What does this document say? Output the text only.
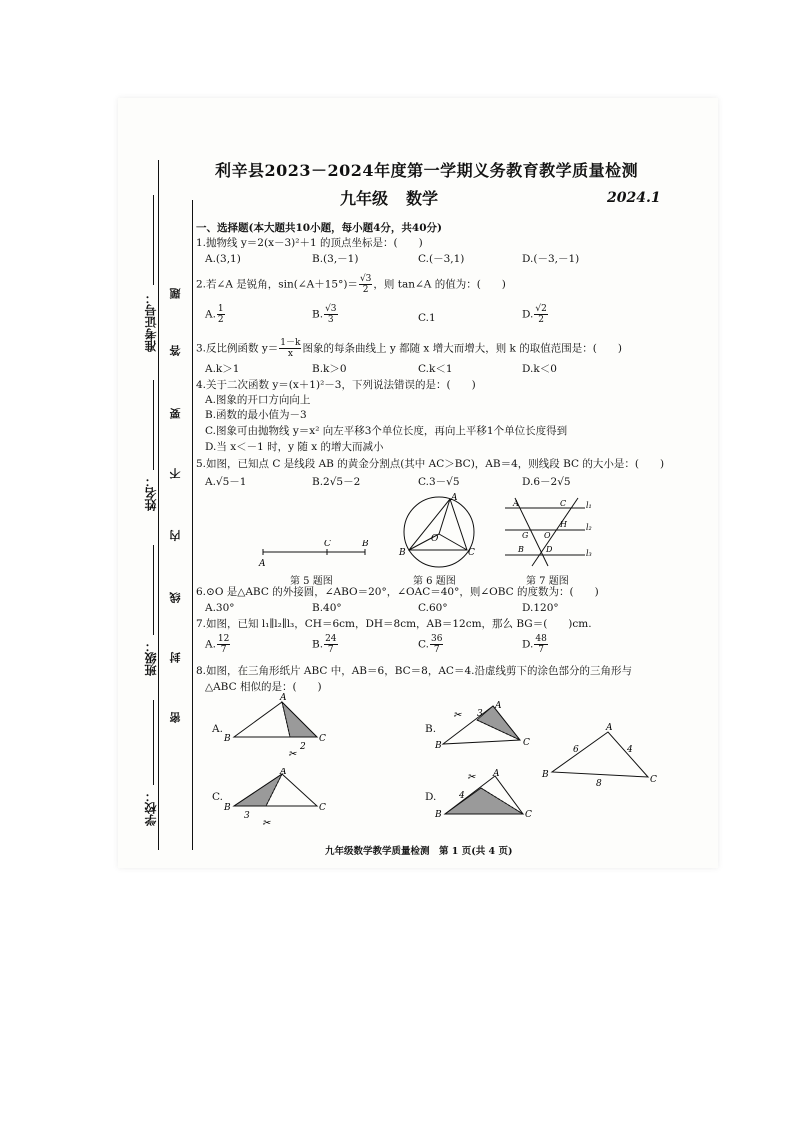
准考证号：
姓名：
班级：
学校：
题
答
要
不
内
线
封
密
利辛县2023－2024年度第一学期义务教育教学质量检测
九年级 数学	2024.1
一、选择题(本大题共10小题，每小题4分，共40分)
1.抛物线 y＝2(x－3)²＋1 的顶点坐标是：(　　)
A.(3,1)	B.(3,－1)	C.(－3,1)	D.(－3,－1)
2.若∠A 是锐角，sin(∠A＋15°)＝ $\frac{√3}{2}$ ，则 tan∠A 的值为：(　　)
A. $\frac{1}{2}$	B. $\frac{√3}{3}$	C.1	D. $\frac{√2}{2}$
3.反比例函数 $y= \frac{1-k}{x}$ 图象的每条曲线上 y 都随 x 增大而增大，则 k 的取值范围是：(　　)
A.k＞1	B.k＞0	C.k＜1	D.k＜0
4.关于二次函数 y＝(x＋1)²－3，下列说法错误的是：(　　)
A.图象的开口方向向上
B.函数的最小值为－3
C.图象可由抛物线 y＝x² 向左平移3个单位长度，再向上平移1个单位长度得到
D.当 x＜－1 时，y 随 x 的增大而减小
5.如图，已知点 C 是线段 AB 的黄金分割点(其中 AC＞BC)，AB＝4，则线段 BC 的大小是：(　　)
A.√5－1	B.2√5－2	C.3－√5	D.6－2√5
A
C	B
第 5 题图
A
B	C
O
第 6 题图
A	C
H
G O
B	D
l₁
l₂
l₃
第 7 题图
6.⊙O 是△ABC 的外接圆，∠ABO＝20°，∠OAC＝40°，则∠OBC 的度数为：(　　)
A.30°	B.40°	C.60°	D.120°
7.如图，已知 l₁∥l₂∥l₃，CH＝6cm，DH＝8cm，AB＝12cm，那么 BG＝(　　)cm.
A. $\frac{12}{7}$	B. $\frac{24}{7}$	C. $\frac{36}{7}$	D. $\frac{48}{7}$
8.如图，在三角形纸片 ABC 中，AB＝6，BC＝8，AC＝4.沿虚线剪下的涂色部分的三角形与
△ABC 相似的是：(　　)
A.
A
B	C
2
✂
B.
A
B	C
3
✂
A
B	C
6	4
8
C.
A
B	C
3
✂
D.
A
B	C
4
✂
九年级数学教学质量检测　第 1 页(共 4 页)
